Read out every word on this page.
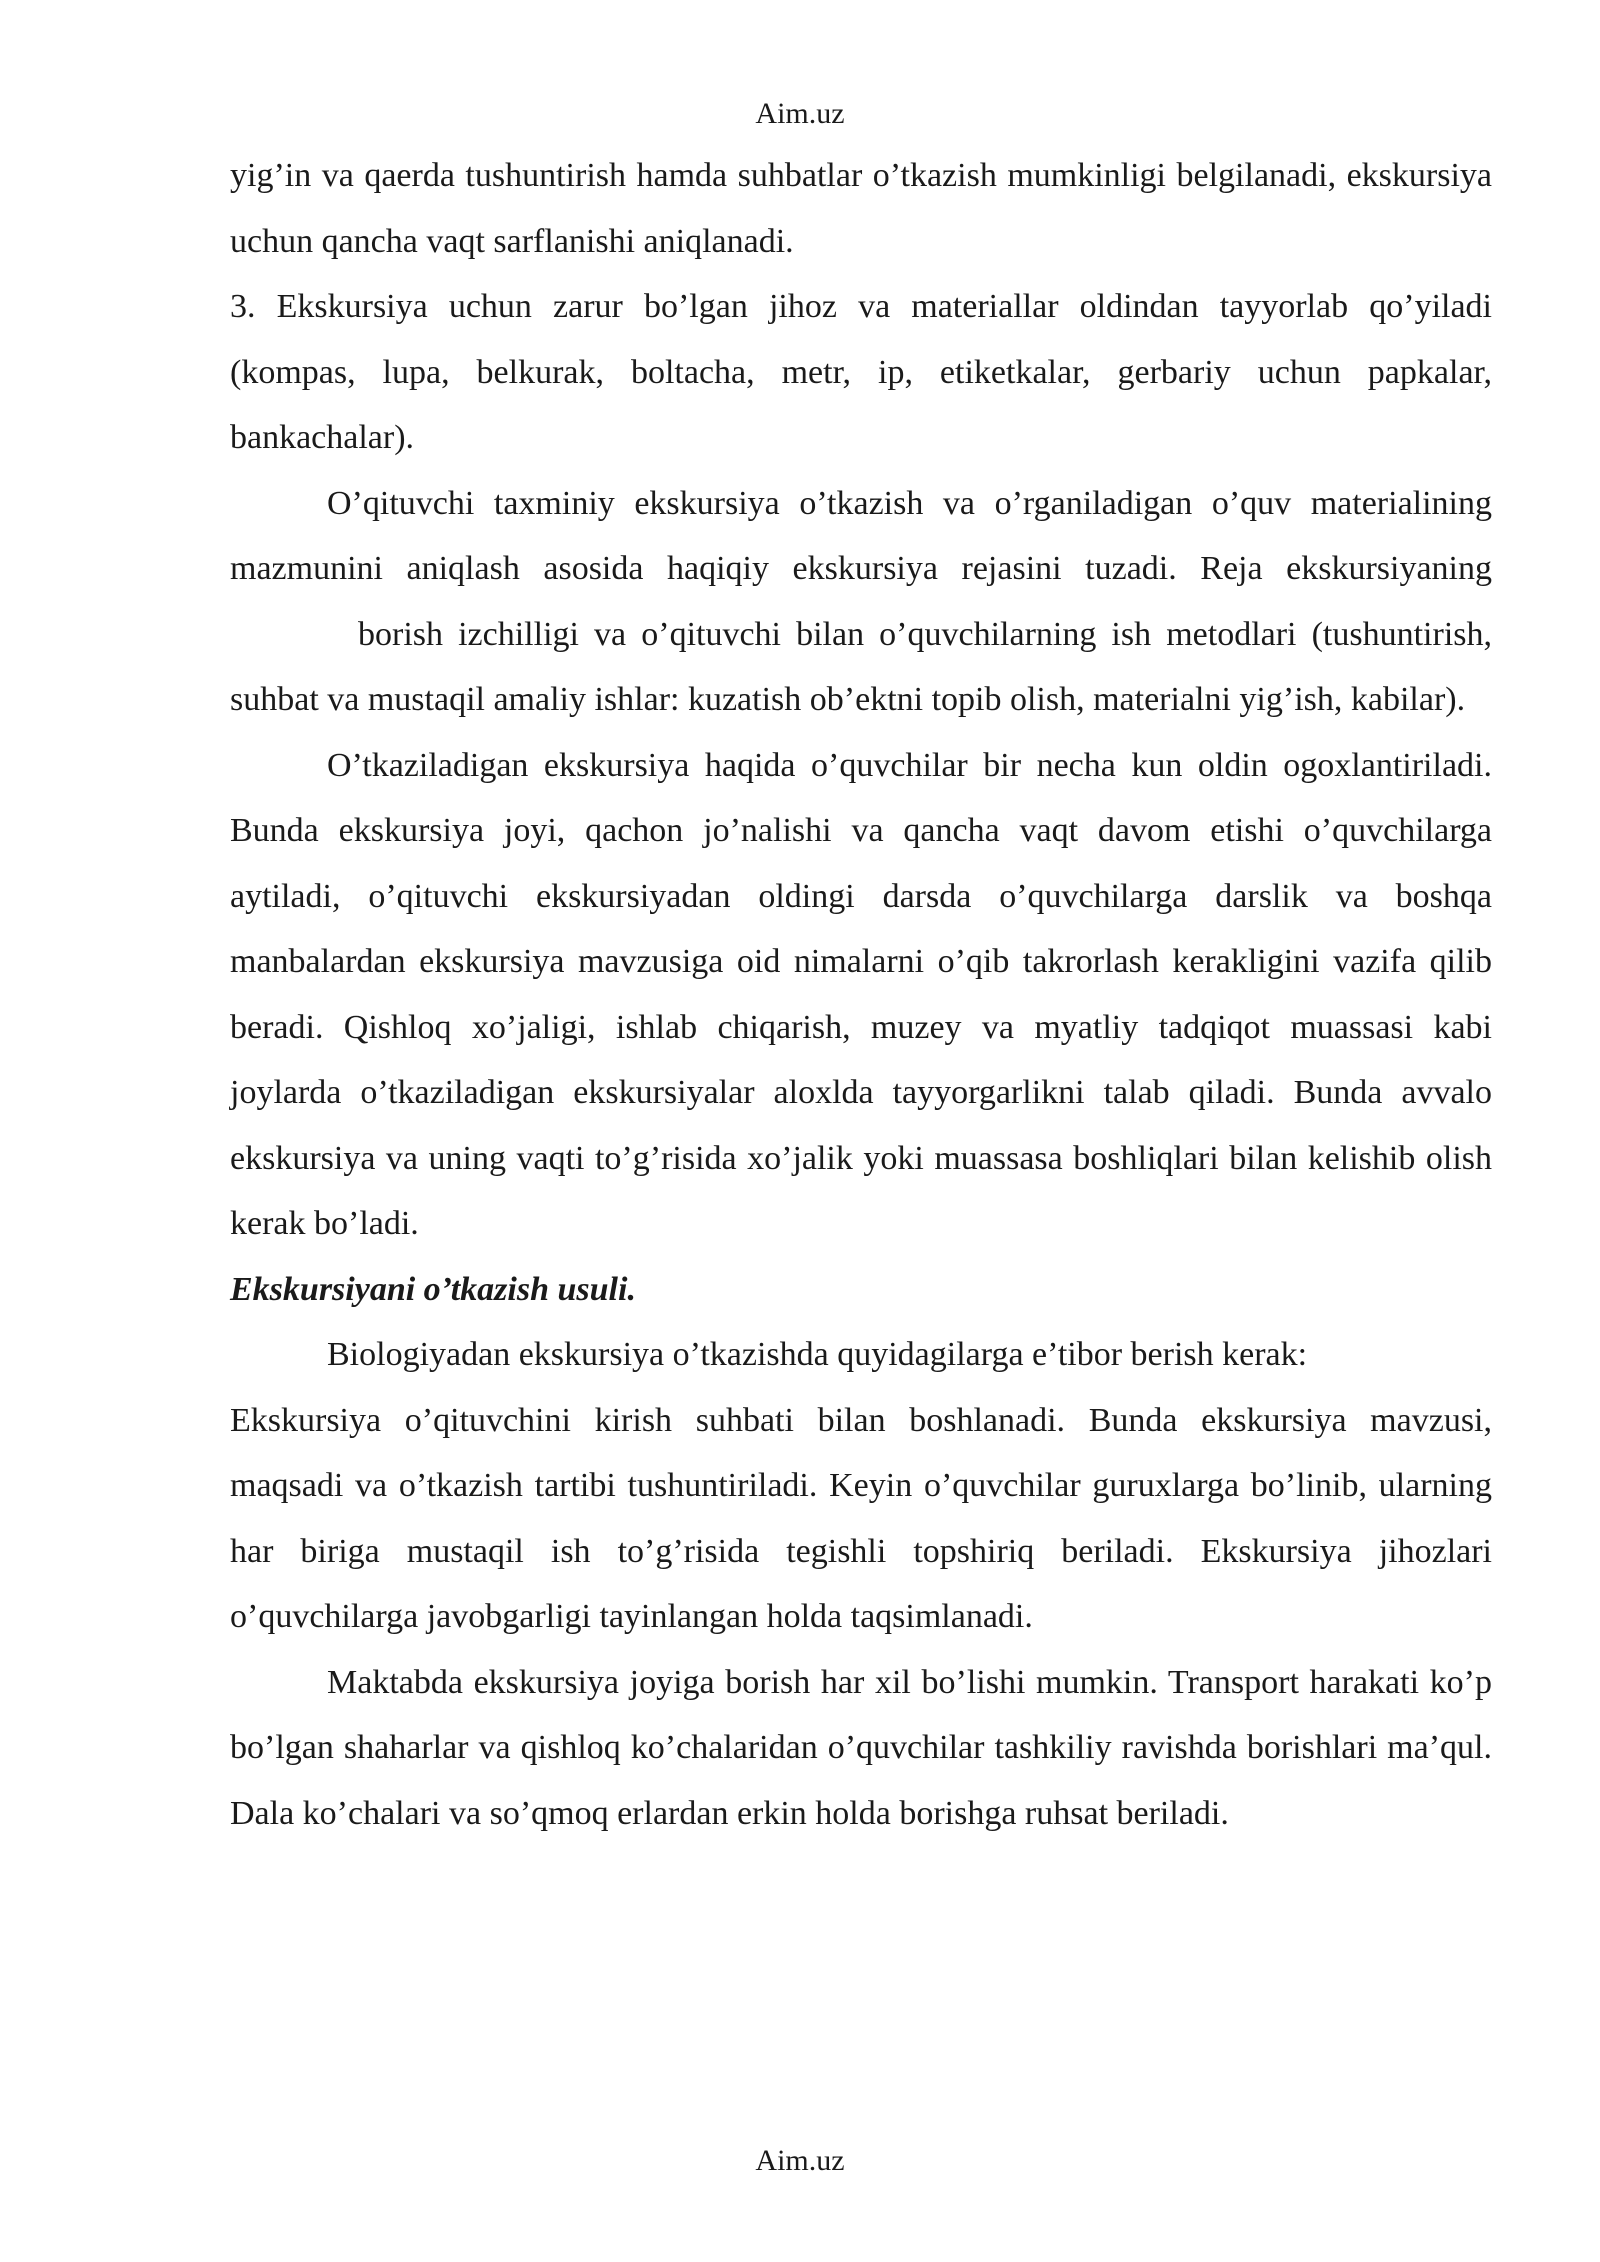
Aim.uz

yig’in va qaerda tushuntirish hamda suhbatlar o’tkazish mumkinligi belgilanadi, ekskursiya uchun qancha vaqt sarflanishi aniqlanadi.

3. Ekskursiya uchun zarur bo’lgan jihoz va materiallar oldindan tayyorlab qo’yiladi (kompas, lupa, belkurak, boltacha, metr, ip, etiketkalar, gerbariy uchun papkalar, bankachalar).

O’qituvchi taxminiy ekskursiya o’tkazish va o’rganiladigan o’quv materialining mazmunini aniqlash asosida haqiqiy ekskursiya rejasini tuzadi. Reja ekskursiyaningborish izchilligi va o’qituvchi bilan o’quvchilarning ish metodlari (tushuntirish, suhbat va mustaqil amaliy ishlar: kuzatish ob’ektni topib olish, materialni yig’ish, kabilar).

O’tkaziladigan ekskursiya haqida o’quvchilar bir necha kun oldin ogoxlantiriladi. Bunda ekskursiya joyi, qachon jo’nalishi va qancha vaqt davom etishi o’quvchilarga aytiladi, o’qituvchi ekskursiyadan oldingi darsda o’quvchilarga darslik va boshqa manbalardan ekskursiya mavzusiga oid nimalarni o’qib takrorlash kerakligini vazifa qilib beradi. Qishloq xo’jaligi, ishlab chiqarish, muzey va myatliy tadqiqot muassasi kabi joylarda o’tkaziladigan ekskursiyalar aloxlda tayyorgarlikni talab qiladi. Bunda avvalo ekskursiya va uning vaqti to’g’risida xo’jalik yoki muassasa boshliqlari bilan kelishib olish kerak bo’ladi.

Ekskursiyani o’tkazish usuli.

Biologiyadan ekskursiya o’tkazishda quyidagilarga e’tibor berish kerak:

Ekskursiya o’qituvchini kirish suhbati bilan boshlanadi. Bunda ekskursiya mavzusi, maqsadi va o’tkazish tartibi tushuntiriladi. Keyin o’quvchilar guruxlarga bo’linib, ularning har biriga mustaqil ish to’g’risida tegishli topshiriq beriladi. Ekskursiya jihozlari o’quvchilarga javobgarligi tayinlangan holda taqsimlanadi.

Maktabda ekskursiya joyiga borish har xil bo’lishi mumkin. Transport harakati ko’p bo’lgan shaharlar va qishloq ko’chalaridan o’quvchilar tashkiliy ravishda borishlari ma’qul. Dala ko’chalari va so’qmoq erlardan erkin holda borishga ruhsat beriladi.

Aim.uz
